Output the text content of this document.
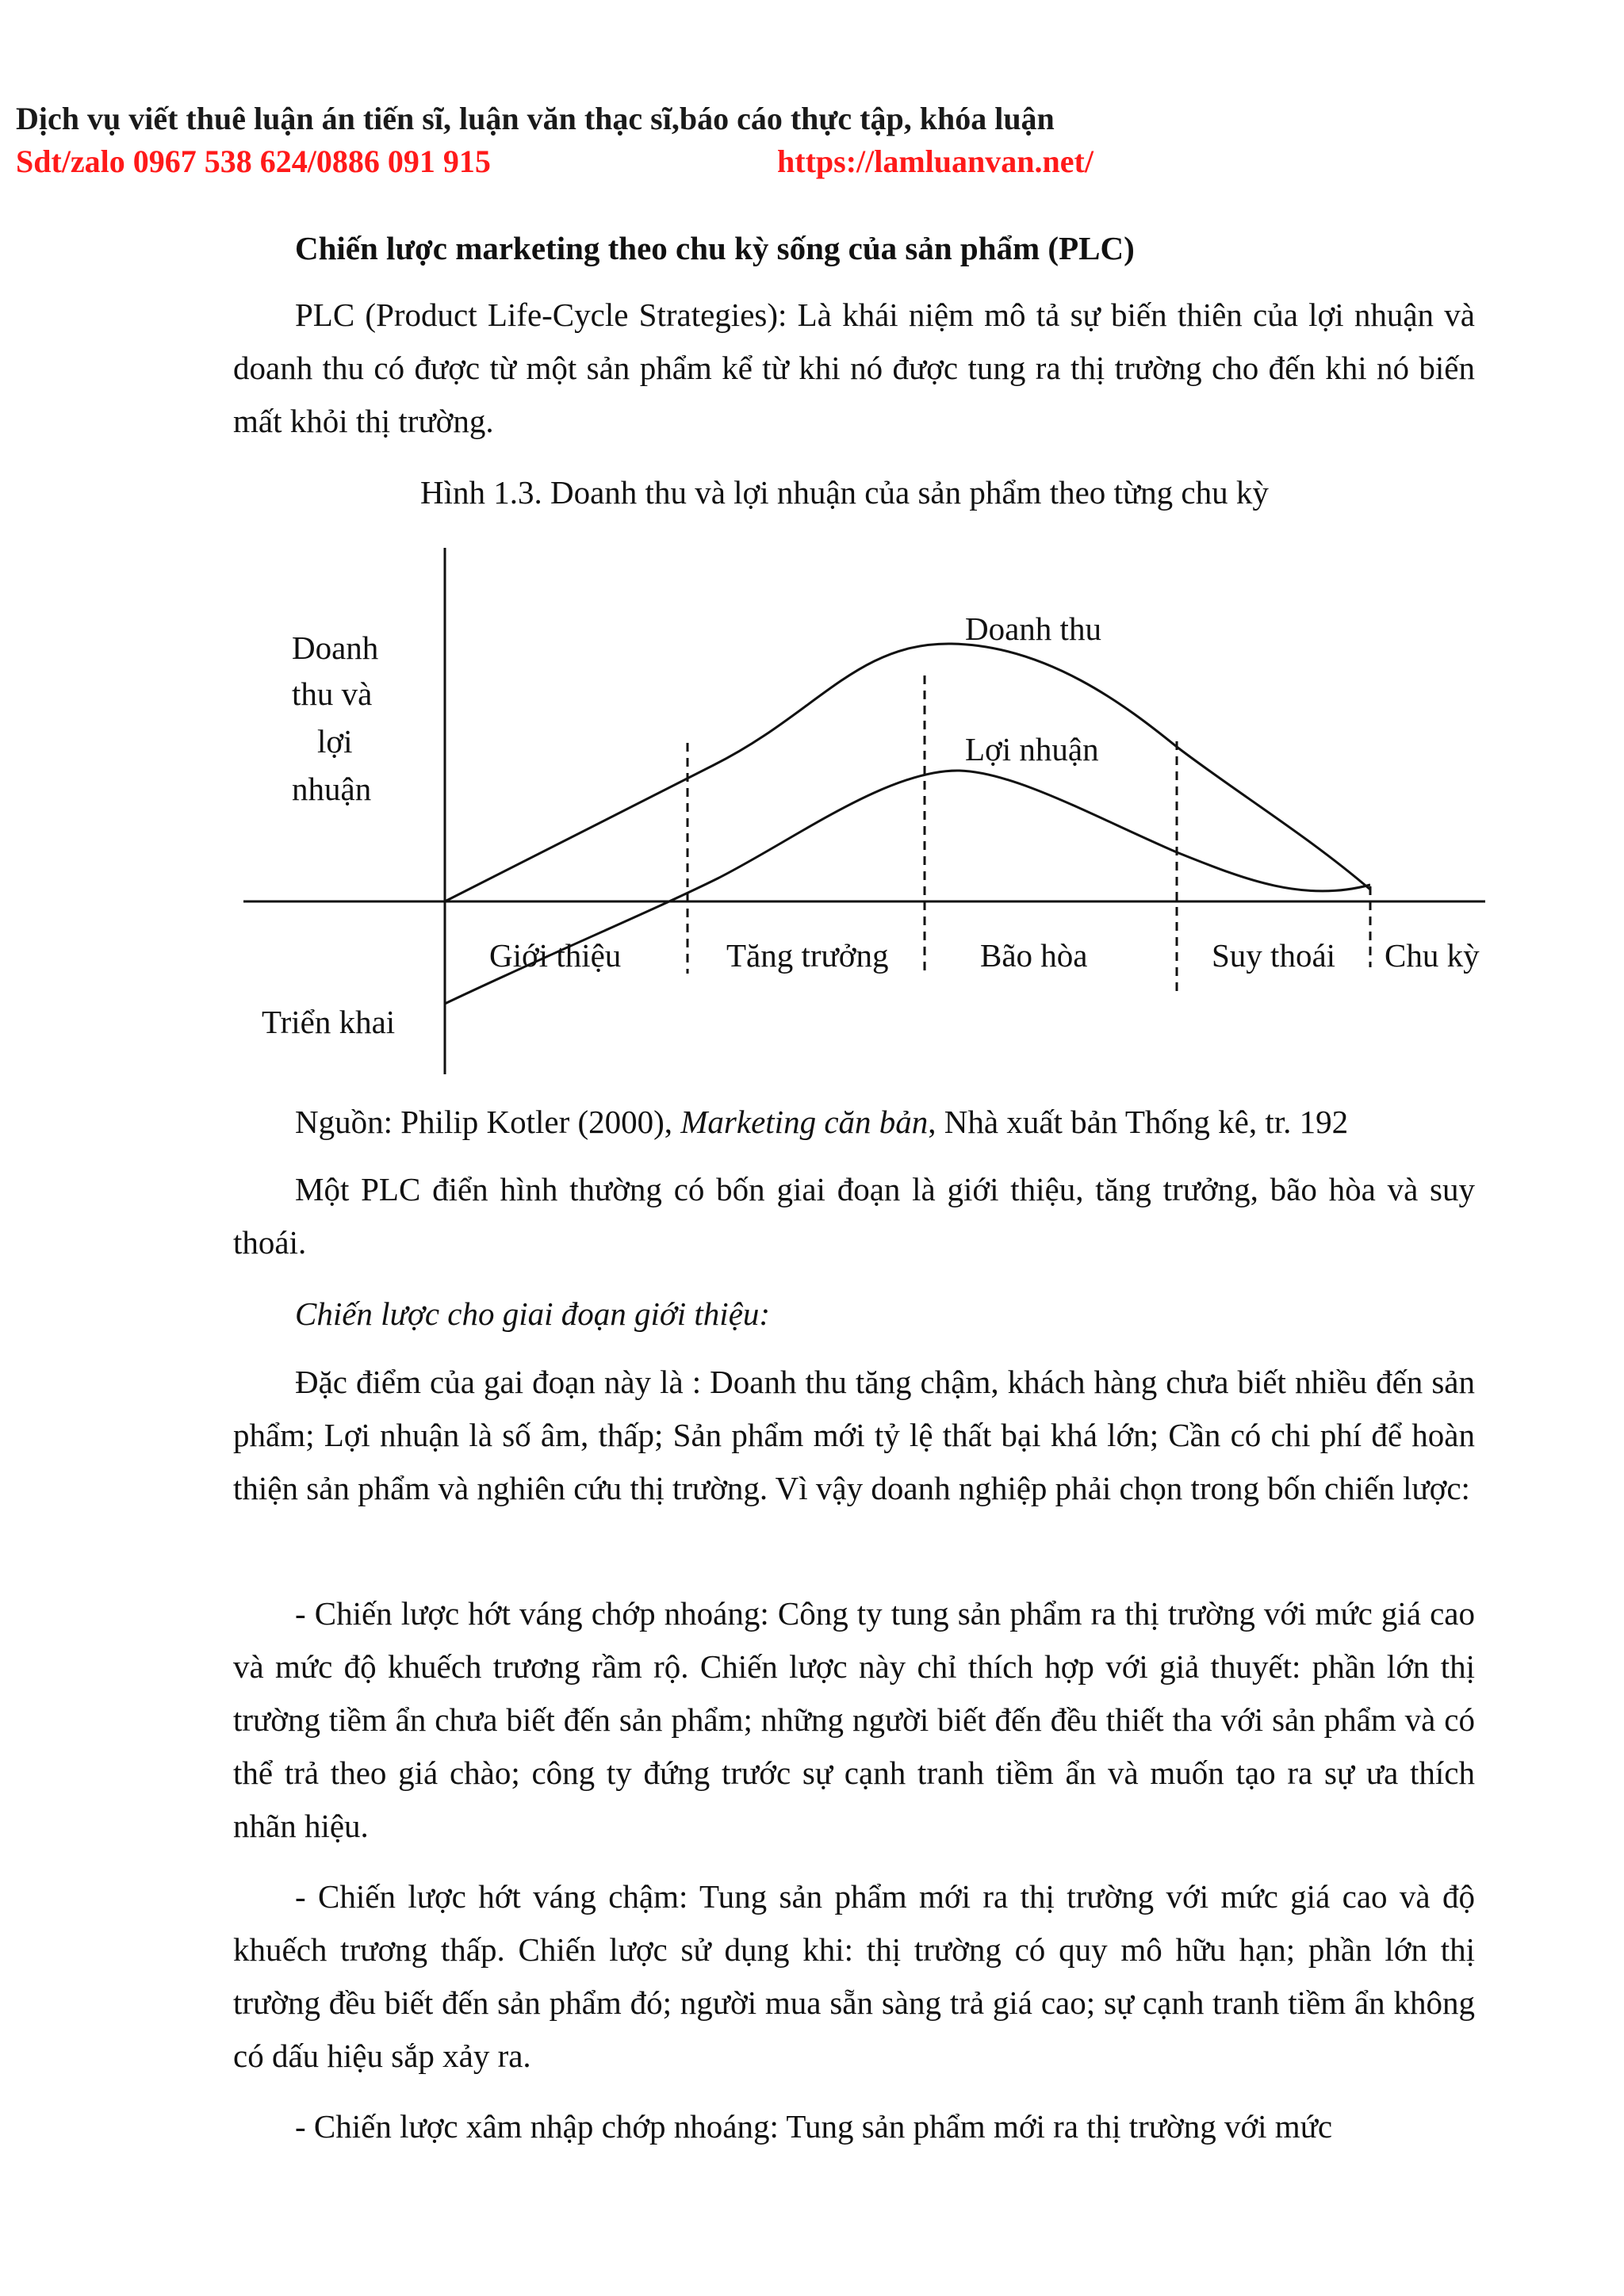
Dịch vụ viết thuê luận án tiến sĩ, luận văn thạc sĩ,báo cáo thực tập, khóa luận
Sdt/zalo 0967 538 624/0886 091 915	https://lamluanvan.net/
Chiến lược marketing theo chu kỳ sống của sản phẩm (PLC)
PLC (Product Life-Cycle Strategies): Là khái niệm mô tả sự biến thiên của lợi nhuận và doanh thu có được từ một sản phẩm kể từ khi nó được tung ra thị trường cho đến khi nó biến mất khỏi thị trường.
Hình 1.3. Doanh thu và lợi nhuận của sản phẩm theo từng chu kỳ
Doanh
thu và
lợi
nhuận
Doanh thu
Lợi nhuận
Giới thiệu	Tăng trưởng	Bão hòa	Suy thoái Chu kỳ
Triển khai
Nguồn: Philip Kotler (2000), Marketing căn bản, Nhà xuất bản Thống kê, tr. 192
Một PLC điển hình thường có bốn giai đoạn là giới thiệu, tăng trưởng, bão hòa và suy thoái.
Chiến lược cho giai đoạn giới thiệu:
Đặc điểm của gai đoạn này là : Doanh thu tăng chậm, khách hàng chưa biết nhiều đến sản phẩm; Lợi nhuận là số âm, thấp; Sản phẩm mới tỷ lệ thất bại khá lớn; Cần có chi phí để hoàn thiện sản phẩm và nghiên cứu thị trường. Vì vậy doanh nghiệp phải chọn trong bốn chiến lược:
- Chiến lược hớt váng chớp nhoáng: Công ty tung sản phẩm ra thị trường với mức giá cao và mức độ khuếch trương rầm rộ. Chiến lược này chỉ thích hợp với giả thuyết: phần lớn thị trường tiềm ẩn chưa biết đến sản phẩm; những người biết đến đều thiết tha với sản phẩm và có thể trả theo giá chào; công ty đứng trước sự cạnh tranh tiềm ẩn và muốn tạo ra sự ưa thích nhãn hiệu.
- Chiến lược hớt váng chậm: Tung sản phẩm mới ra thị trường với mức giá cao và độ khuếch trương thấp. Chiến lược sử dụng khi: thị trường có quy mô hữu hạn; phần lớn thị trường đều biết đến sản phẩm đó; người mua sẵn sàng trả giá cao; sự cạnh tranh tiềm ẩn không có dấu hiệu sắp xảy ra.
- Chiến lược xâm nhập chớp nhoáng: Tung sản phẩm mới ra thị trường với mức
